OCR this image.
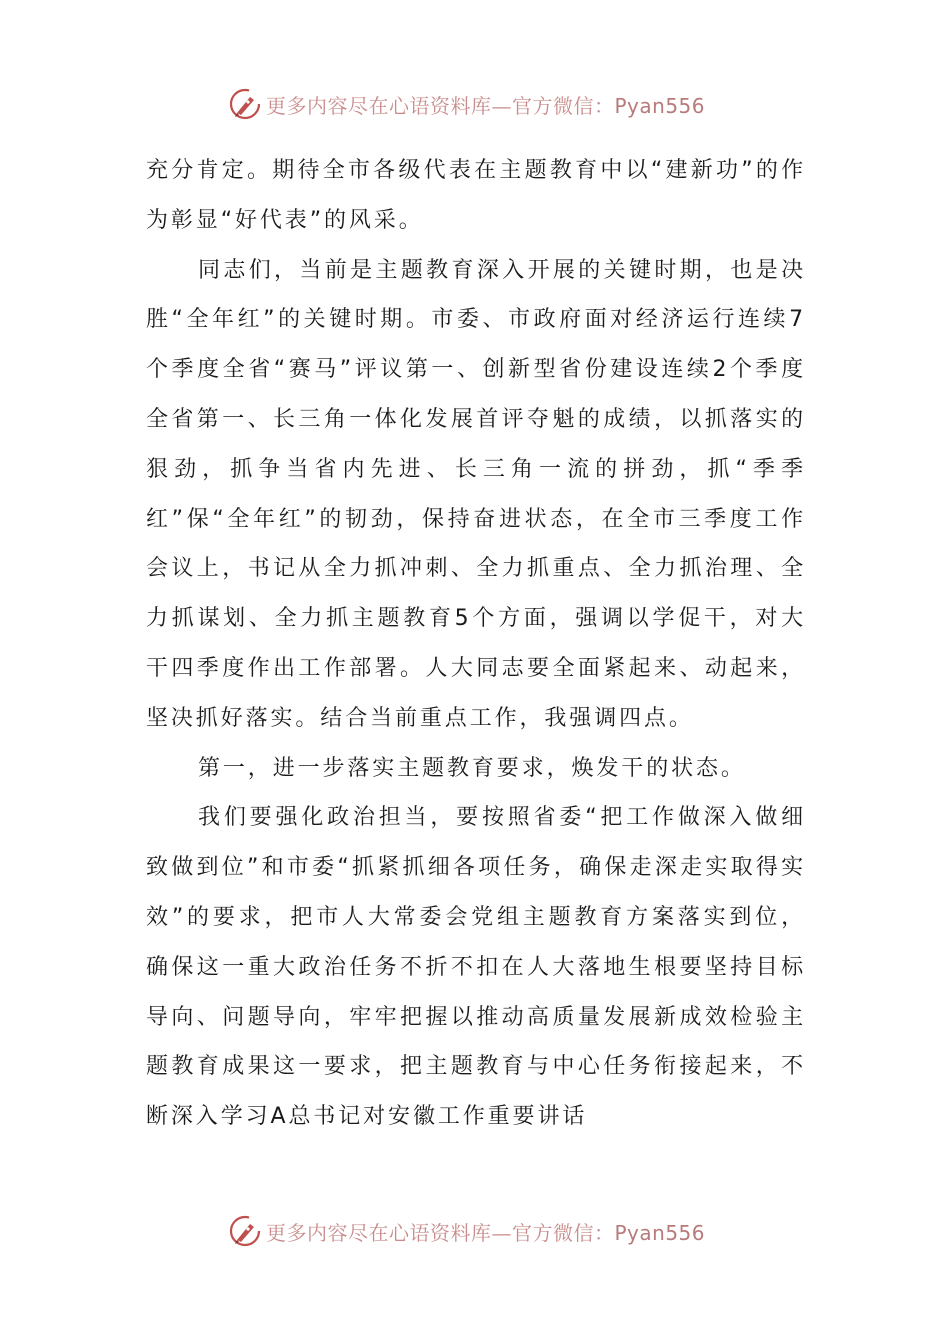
更多内容尽在心语资料库—官方微信：Pyan556

充分肯定。期待全市各级代表在主题教育中以“建新功”的作为彰显“好代表”的风采。

同志们，当前是主题教育深入开展的关键时期，也是决胜“全年红”的关键时期。市委、市政府面对经济运行连续7个季度全省“赛马”评议第一、创新型省份建设连续2个季度全省第一、长三角一体化发展首评夺魁的成绩，以抓落实的狠劲，抓争当省内先进、长三角一流的拼劲，抓“季季红”保“全年红”的韧劲，保持奋进状态，在全市三季度工作会议上，书记从全力抓冲刺、全力抓重点、全力抓治理、全力抓谋划、全力抓主题教育5个方面，强调以学促干，对大干四季度作出工作部署。人大同志要全面紧起来、动起来，坚决抓好落实。结合当前重点工作，我强调四点。

第一，进一步落实主题教育要求，焕发干的状态。

我们要强化政治担当，要按照省委“把工作做深入做细致做到位”和市委“抓紧抓细各项任务，确保走深走实取得实效”的要求，把市人大常委会党组主题教育方案落实到位，确保这一重大政治任务不折不扣在人大落地生根要坚持目标导向、问题导向，牢牢把握以推动高质量发展新成效检验主题教育成果这一要求，把主题教育与中心任务衔接起来，不断深入学习A总书记对安徽工作重要讲话

更多内容尽在心语资料库—官方微信：Pyan556
